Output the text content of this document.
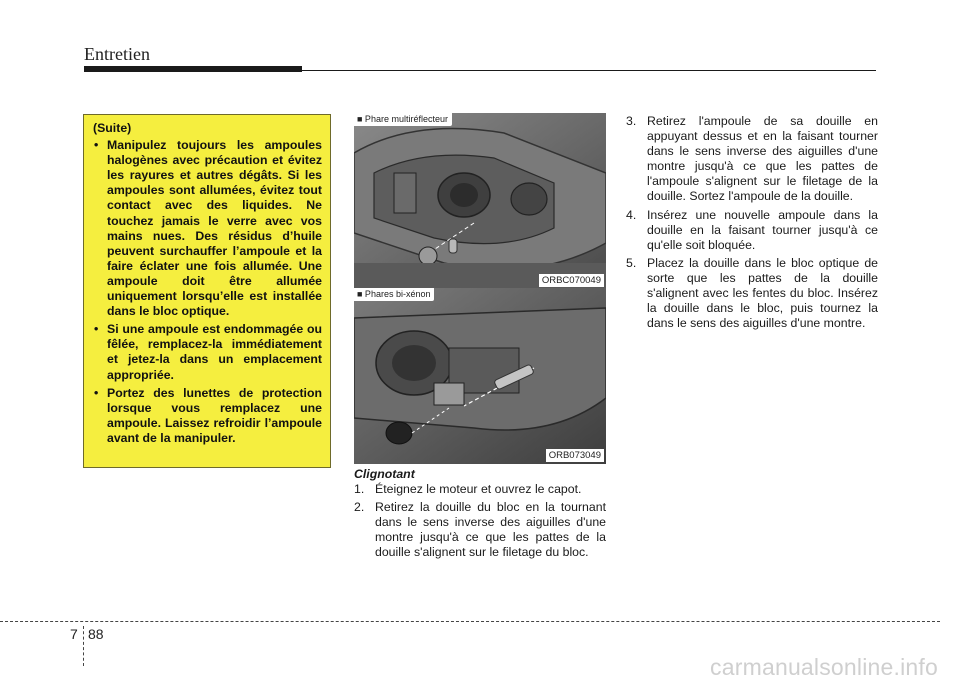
Entretien
(Suite)
• Manipulez toujours les ampoules halogènes avec précaution et évitez les rayures et autres dégâts. Si les ampoules sont allumées, évitez tout contact avec des liquides. Ne touchez jamais le verre avec vos mains nues. Des résidus d’huile peuvent surchauffer l’ampoule et la faire éclater une fois allumée. Une ampoule doit être allumée uniquement lorsqu’elle est installée dans le bloc optique.
• Si une ampoule est endommagée ou fêlée, remplacez-la immédiatement et jetez-la dans un emplacement appropriée.
• Portez des lunettes de protection lorsque vous remplacez une ampoule. Laissez refroidir l’ampoule avant de la manipuler.
■ Phare multiréflecteur
ORBC070049
■ Phares bi-xénon
ORB073049
Clignotant
1. Éteignez le moteur et ouvrez le capot.
2. Retirez la douille du bloc en la tournant dans le sens inverse des aiguilles d'une montre jusqu'à ce que les pattes de la douille s'alignent sur le filetage du bloc.
3. Retirez l'ampoule de sa douille en appuyant dessus et en la faisant tourner dans le sens inverse des aiguilles d'une montre jusqu'à ce que les pattes de l'ampoule s'alignent sur le filetage de la douille. Sortez l'ampoule de la douille.
4. Insérez une nouvelle ampoule dans la douille en la faisant tourner jusqu'à ce qu'elle soit bloquée.
5. Placez la douille dans le bloc optique de sorte que les pattes de la douille s'alignent avec les fentes du bloc. Insérez la douille dans le bloc, puis tournez la dans le sens des aiguilles d'une montre.
7 88
carmanualsonline.info
